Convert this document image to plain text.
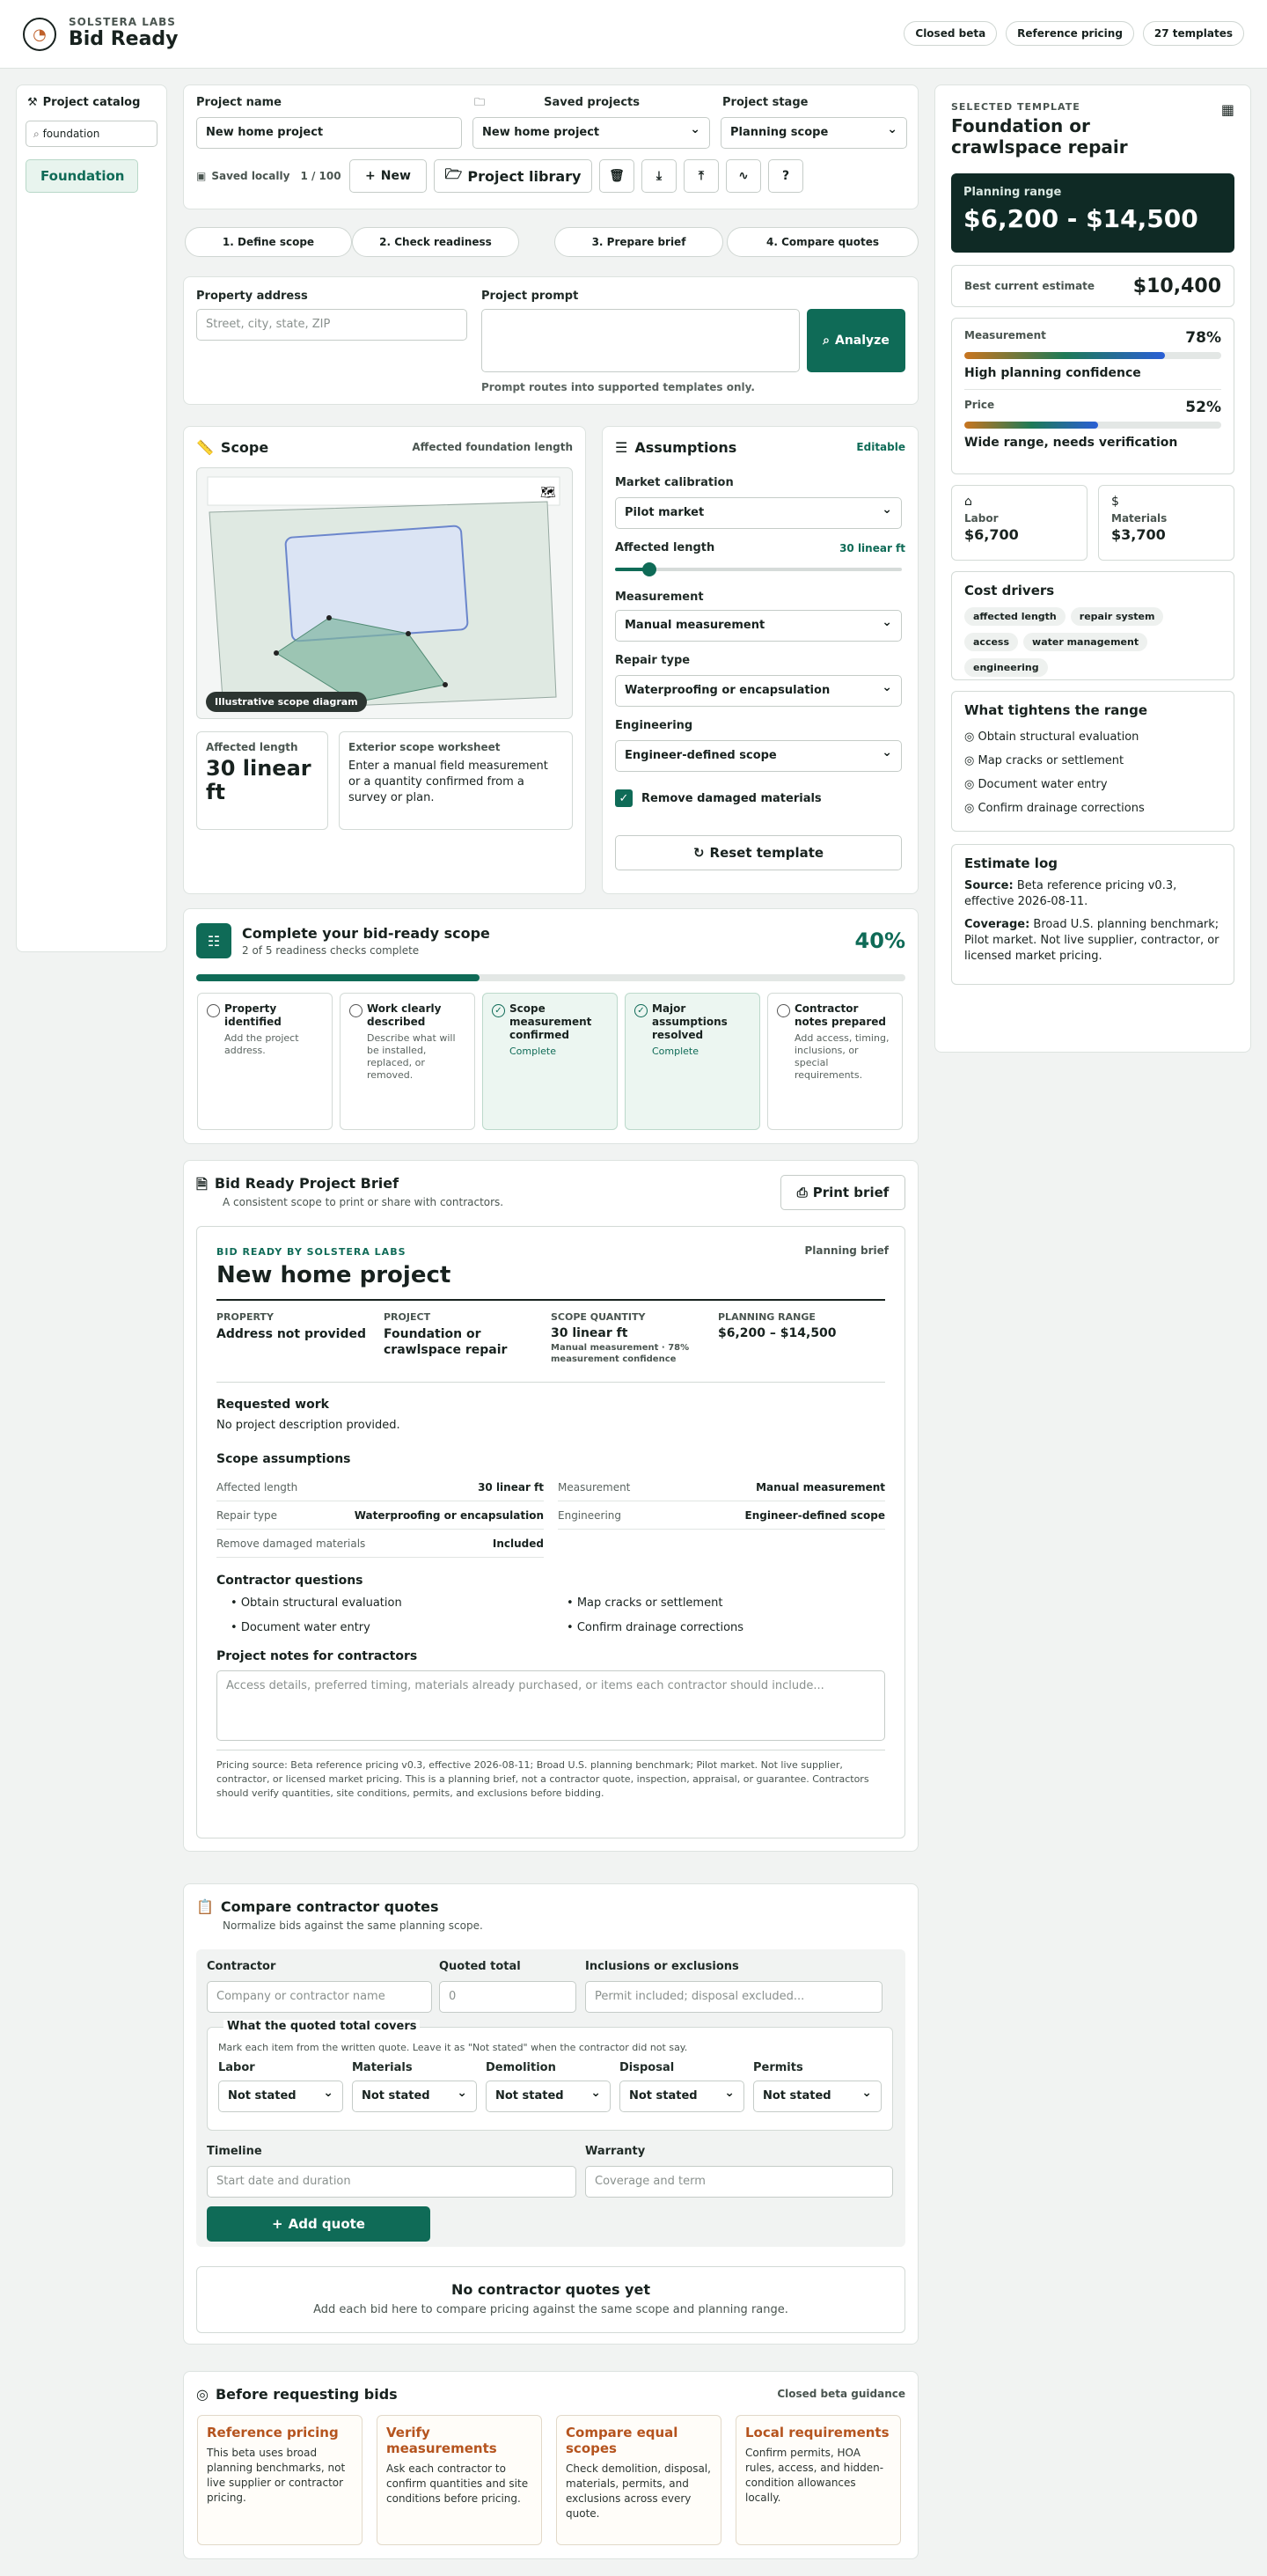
◔
SOLSTERA LABS
Bid Ready	Closed beta	Reference pricing	27 templates
⚒ Project catalog
⌕ foundation
Foundation
Project name
New home project
🗀	Saved projects
New home project ⌄
Project stage
Planning scope ⌄
▣ Saved locally 1 / 100 + New 🗁 Project library 🗑	⤓	⤒	∿	?
1. Define scope	2. Check readiness	3. Prepare brief	4. Compare quotes
Property address
Street, city, state, ZIP
Project prompt
⌕ Analyze
Prompt routes into supported templates only.
📏 Scope	Affected foundation length
🗺
Illustrative scope diagram
Affected length
30 linear ft
Exterior scope worksheet
Enter a manual field measurement or a quantity confirmed from a survey or plan.
☰ Assumptions	Editable
Market calibration
Pilot market ⌄
Affected length	30 linear ft
Measurement
Manual measurement ⌄
Repair type
Waterproofing or encapsulation ⌄
Engineering
Engineer-defined scope ⌄
✓	Remove damaged materials
↻ Reset template
☷	Complete your bid-ready scope
2 of 5 readiness checks complete	40%
Property identified

Add the project address.

Work clearly described

Describe what will be installed, replaced, or removed.

✓ Scope measurement confirmed

Complete

✓ Major assumptions resolved

Complete

Contractor notes prepared

Add access, timing, inclusions, or special requirements.

🗎 Bid Ready Project Brief
A consistent scope to print or share with contractors.
⎙ Print brief
BID READY BY SOLSTERA LABS	Planning brief
New home project
PROPERTY
Address not provided
PROJECT
Foundation or crawlspace repair
SCOPE QUANTITY
30 linear ft
Manual measurement · 78% measurement confidence
PLANNING RANGE
$6,200 – $14,500
Requested work
No project description provided.
Scope assumptions
Affected length	30 linear ft Measurement	Manual measurement
Repair type	Waterproofing or encapsulation Engineering	Engineer-defined scope
Remove damaged materials	Included
Contractor questions
• Obtain structural evaluation	• Map cracks or settlement
• Document water entry	• Confirm drainage corrections
Project notes for contractors
Access details, preferred timing, materials already purchased, or items each contractor should include...
Pricing source: Beta reference pricing v0.3, effective 2026-08-11; Broad U.S. planning benchmark; Pilot market. Not live supplier, contractor, or licensed market pricing. This is a planning brief, not a contractor quote, inspection, appraisal, or guarantee. Contractors should verify quantities, site conditions, permits, and exclusions before bidding.
📋 Compare contractor quotes
Normalize bids against the same planning scope.
Contractor
Company or contractor name
Quoted total
0
Inclusions or exclusions
Permit included; disposal excluded...
What the quoted total covers
Mark each item from the written quote. Leave it as "Not stated" when the contractor did not say.
Labor
Not stated ⌄
Materials
Not stated ⌄
Demolition
Not stated ⌄
Disposal
Not stated ⌄
Permits
Not stated ⌄
Timeline
Start date and duration
Warranty
Coverage and term
+ Add quote
No contractor quotes yet
Add each bid here to compare pricing against the same scope and planning range.
◎ Before requesting bids	Closed beta guidance
Reference pricing

This beta uses broad planning benchmarks, not live supplier or contractor pricing.

Verify measurements

Ask each contractor to confirm quantities and site conditions before pricing.

Compare equal scopes

Check demolition, disposal, materials, permits, and exclusions across every quote.

Local requirements

Confirm permits, HOA rules, access, and hidden-condition allowances locally.

SELECTED TEMPLATE	▦
Foundation or crawlspace repair
Planning range
$6,200 - $14,500
Best current estimate $10,400
Measurement	78%
High planning confidence
Price	52%
Wide range, needs verification
⌂
Labor
$6,700
$
Materials
$3,700
Cost drivers
affected length repair systemaccess water managementengineering
What tightens the range
◎ Obtain structural evaluation
◎ Map cracks or settlement
◎ Document water entry
◎ Confirm drainage corrections
Estimate log
Source: Beta reference pricing v0.3, effective 2026-08-11.
Coverage: Broad U.S. planning benchmark; Pilot market. Not live supplier, contractor, or licensed market pricing.
